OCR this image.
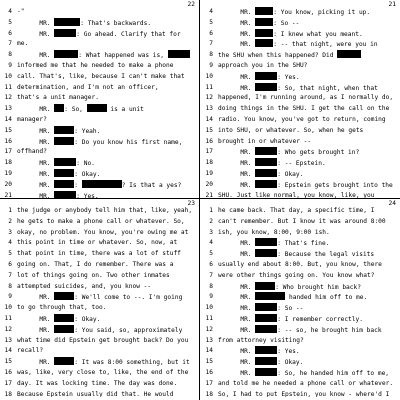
22
4 -"
5 MR.	: That's backwards.
6 MR.	: Go ahead. Clarify that for
7 me.
8 MR.	: What happened was is,
9 informed me that he needed to make a phone
10 call. That's, like, because I can't make that
11 determination, and I'm not an officer,
12 that's a unit manager.
13 MR. : So,	is a unit
14 manager?
15 MR.	: Yeah.
16 MR.	: Do you know his first name,
17 offhand?
18 MR.	: No.
19 MR.	: Okay.
20 MR.	:	? Is that a yes?
21 MR.	: Yes.
21
4 MR.	: You know, picking it up.
5 MR.	: So --
6 MR.	: I knew what you meant.
7 MR.	: -- that night, were you in
8 the SHU when this happened? Did
9 approach you in the SHU?
10 MR.	: Yes.
11 MR.	: So, that night, when that
12 happened, I'm running around, as I normally do,
13 doing things in the SHU. I get the call on the
14 radio. You know, you've got to return, coming
15 into SHU, or whatever. So, when he gets
16 brought in or whatever --
17 MR.	: Who gets brought in?
18 MR.	: -- Epstein.
19 MR.	: Okay.
20 MR.	: Epstein gets brought into the
21 SHU. Just like normal, you know, like, you
23
1 the judge or anybody tell him that, like, yeah,
2 he gets to make a phone call or whatever. So,
3 okay, no problem. You know, you're owing me at
4 this point in time or whatever. So, now, at
5 that point in time, there was a lot of stuff
6 going on. That, I do remember. There was a
7 lot of things going on. Two other inmates
8 attempted suicides, and, you know --
9 MR.	: We'll come to --. I'm going
10 to go through that, too.
11 MR.	: Okay.
12 MR.	: You said, so, approximately
13 what time did Epstein get brought back? Do you
14 recall?
15 MR.	: It was 8:00 something, but it
16 was, like, very close to, like, the end of the
17 day. It was locking time. The day was done.
18 Because Epstein usually did that. He would
24
1 he came back. That day, a specific time, I
2 can't remember. But I know it was around 8:00
3 ish, you know, 8:00, 9:00 ish.
4 MR.	: That's fine.
5 MR.	: Because the legal visits
6 usually end about 8:00. But, you know, there
7 were other things going on. You know what?
8 MR.	: Who brought him back?
9 MR.	handed him off to me.
10 MR.	: So --
11 MR.	: I remember correctly.
12 MR.	: -- so, he brought him back
13 from attorney visiting?
14 MR.	: Yes.
15 MR.	: Okay.
16 MR.	: So, he handed him off to me,
17 and told me he needed a phone call or whatever.
18 So, I had to put Epstein, you know - where'd I
